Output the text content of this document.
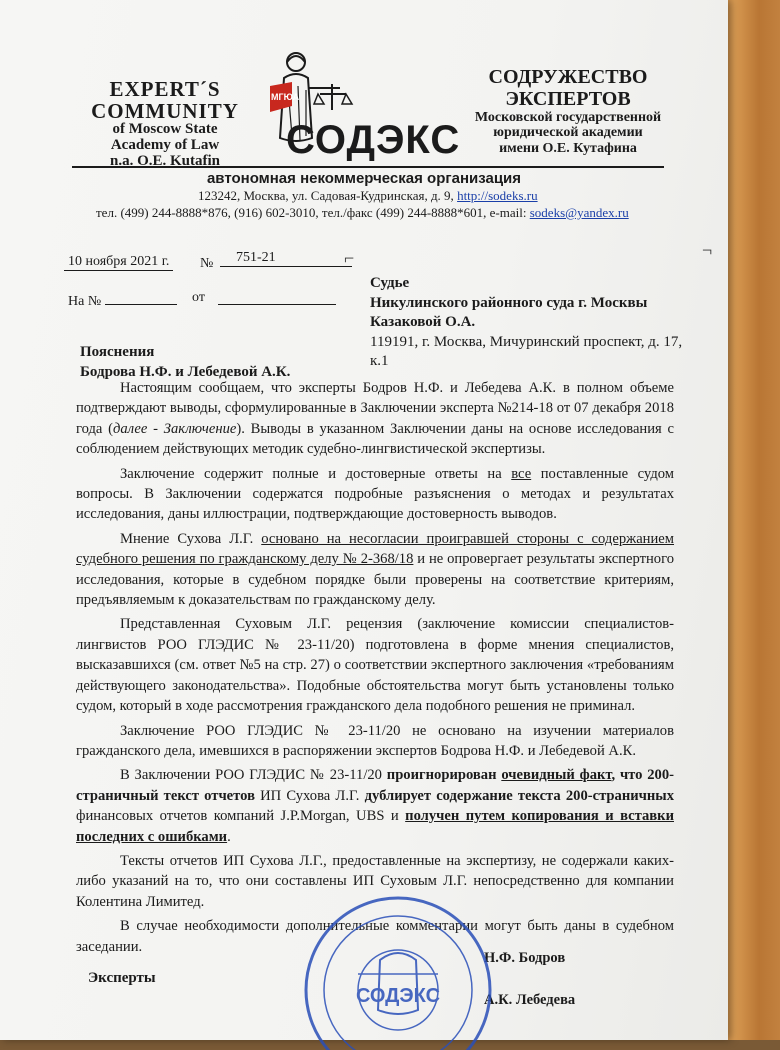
EXPERT´S
COMMUNITY
of Moscow State
Academy of Law
n.a. O.E. Kutafin
МГЮА
СОДЭКС
СОДРУЖЕСТВО
ЭКСПЕРТОВ
Московской государственной
юридической академии
имени О.Е. Кутафина
автономная некоммерческая организация
123242, Москва, ул. Садовая-Кудринская, д. 9, http://sodeks.ru
тел. (499) 244-8888*876, (916) 602-3010, тел./факс (499) 244-8888*601, e-mail: sodeks@yandex.ru
10 ноября 2021 г. №	751-21	⌐	¬
На №	от
Судье
Никулинского районного суда г. Москвы
Казаковой О.А.
119191, г. Москва, Мичуринский проспект, д. 17,
к.1
Пояснения
Бодрова Н.Ф. и Лебедевой А.К.

Настоящим сообщаем, что эксперты Бодров Н.Ф. и Лебедева А.К. в полном объеме подтверждают выводы, сформулированные в Заключении эксперта №214-18 от 07 декабря 2018 года (далее - Заключение). Выводы в указанном Заключении даны на основе исследования с соблюдением действующих методик судебно-лингвистической экспертизы.

Заключение содержит полные и достоверные ответы на все поставленные судом вопросы. В Заключении содержатся подробные разъяснения о методах и результатах исследования, даны иллюстрации, подтверждающие достоверность выводов.

Мнение Сухова Л.Г. основано на несогласии проигравшей стороны с содержанием судебного решения по гражданскому делу № 2-368/18 и не опровергает результаты экспертного исследования, которые в судебном порядке были проверены на соответствие критериям, предъявляемым к доказательствам по гражданскому делу.

Представленная Суховым Л.Г. рецензия (заключение комиссии специалистов-лингвистов РОО ГЛЭДИС № 23-11/20) подготовлена в форме мнения специалистов, высказавшихся (см. ответ №5 на стр. 27) о соответствии экспертного заключения «требованиям действующего законодательства». Подобные обстоятельства могут быть установлены только судом, который в ходе рассмотрения гражданского дела подобного решения не приминал.

Заключение РОО ГЛЭДИС № 23-11/20 не основано на изучении материалов гражданского дела, имевшихся в распоряжении экспертов Бодрова Н.Ф. и Лебедевой А.К.

В Заключении РОО ГЛЭДИС № 23-11/20 проигнорирован очевидный факт, что 200-страничный текст отчетов ИП Сухова Л.Г. дублирует содержание текста 200-страничных финансовых отчетов компаний J.P.Morgan, UBS и получен путем копирования и вставки последних с ошибками.

Тексты отчетов ИП Сухова Л.Г., предоставленные на экспертизу, не содержали каких-либо указаний на то, что они составлены ИП Суховым Л.Г. непосредственно для компании Колентина Лимитед.

В случае необходимости дополнительные комментарии могут быть даны в судебном заседании.

Н.Ф. Бодров
Эксперты
А.К. Лебедева
СОДЭКС
